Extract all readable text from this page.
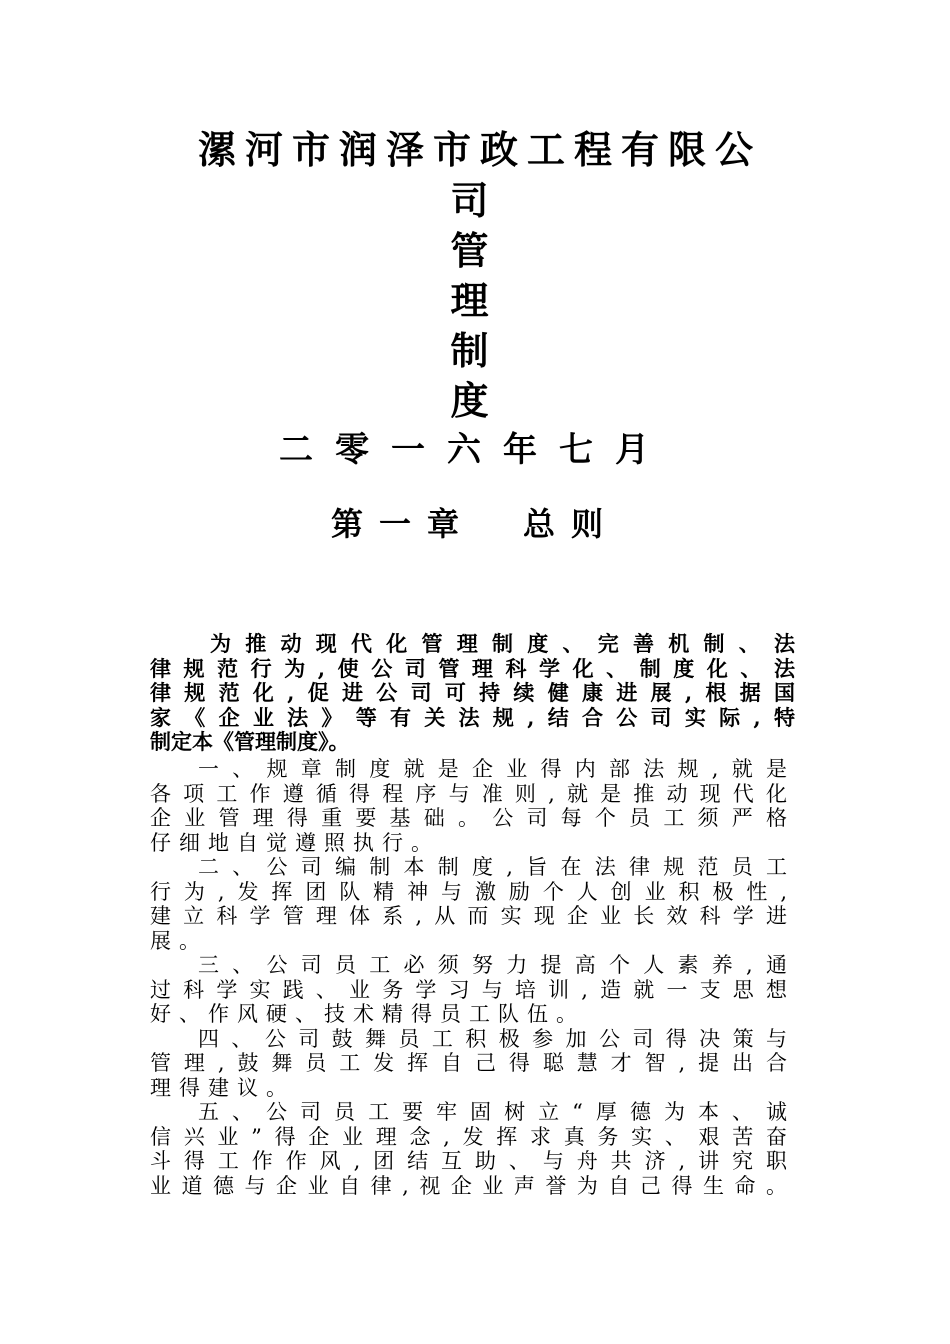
漯河市润泽市政工程有限公
司
管
理
制
度
二零一六年七月
第一章　总则
为推动现代化管理制度、完善机制、法
律规范行为,使公司管理科学化、制度化、法
律规范化,促进公司可持续健康进展,根据国
家《企业法》等有关法规,结合公司实际,特
制定本《管理制度》。
一、规章制度就是企业得内部法规,就是
各项工作遵循得程序与准则,就是推动现代化
企业管理得重要基础。公司每个员工须严格
仔细地自觉遵照执行。
二、公司编制本制度,旨在法律规范员工
行为,发挥团队精神与激励个人创业积极性,
建立科学管理体系,从而实现企业长效科学进
展。
三、公司员工必须努力提高个人素养,通
过科学实践、业务学习与培训,造就一支思想
好、作风硬、技术精得员工队伍。
四、公司鼓舞员工积极参加公司得决策与
管理,鼓舞员工发挥自己得聪慧才智,提出合
理得建议。
五、公司员工要牢固树立“厚德为本、诚
信兴业”得企业理念,发挥求真务实、艰苦奋
斗得工作作风,团结互助、与舟共济,讲究职
业道德与企业自律,视企业声誉为自己得生命。
